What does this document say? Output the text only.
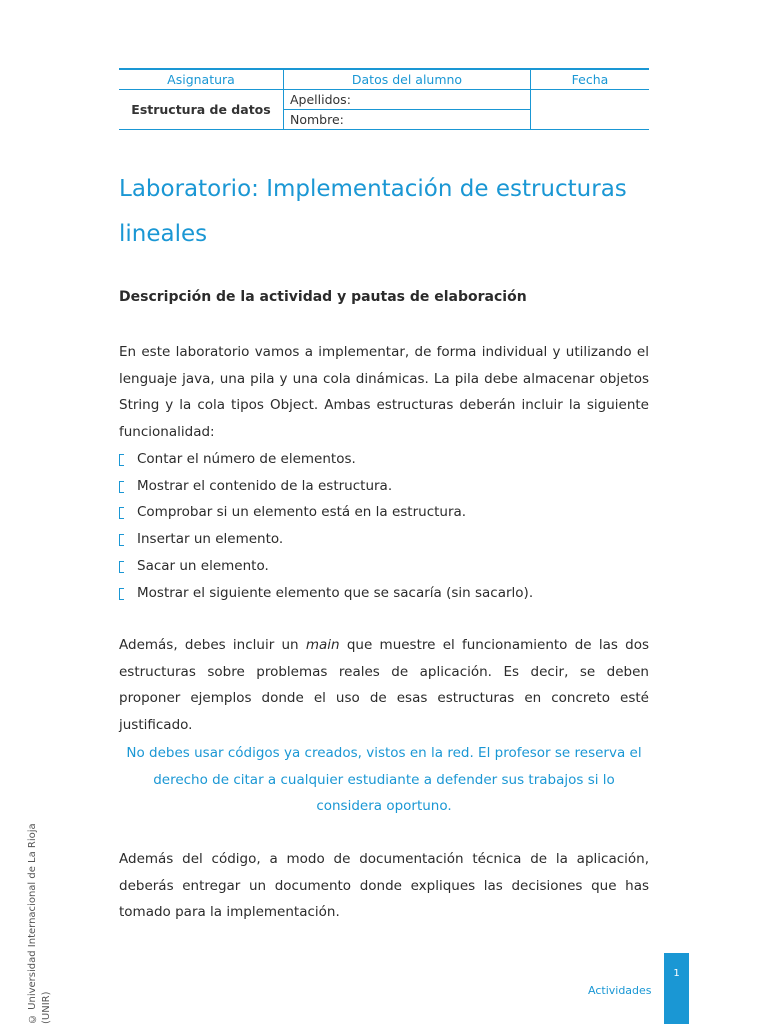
Asignatura	Datos del alumno	Fecha
Estructura de datos	Apellidos:	
	Nombre:	
Laboratorio: Implementación de estructuras lineales
Descripción de la actividad y pautas de elaboración

En este laboratorio vamos a implementar, de forma individual y utilizando el lenguaje java, una pila y una cola dinámicas. La pila debe almacenar objetos String y la cola tipos Object. Ambas estructuras deberán incluir la siguiente funcionalidad:

Contar el número de elementos.
Mostrar el contenido de la estructura.
Comprobar si un elemento está en la estructura.
Insertar un elemento.
Sacar un elemento.
Mostrar el siguiente elemento que se sacaría (sin sacarlo).

Además, debes incluir un main que muestre el funcionamiento de las dos estructuras sobre problemas reales de aplicación. Es decir, se deben proponer ejemplos donde el uso de esas estructuras en concreto esté justificado.

No debes usar códigos ya creados, vistos en la red. El profesor se reserva el derecho de citar a cualquier estudiante a defender sus trabajos si lo considera oportuno.

© Universidad Internacional de La Rioja (UNIR)

Además del código, a modo de documentación técnica de la aplicación, deberás entregar un documento donde expliques las decisiones que has tomado para la implementación.

Actividades
1
